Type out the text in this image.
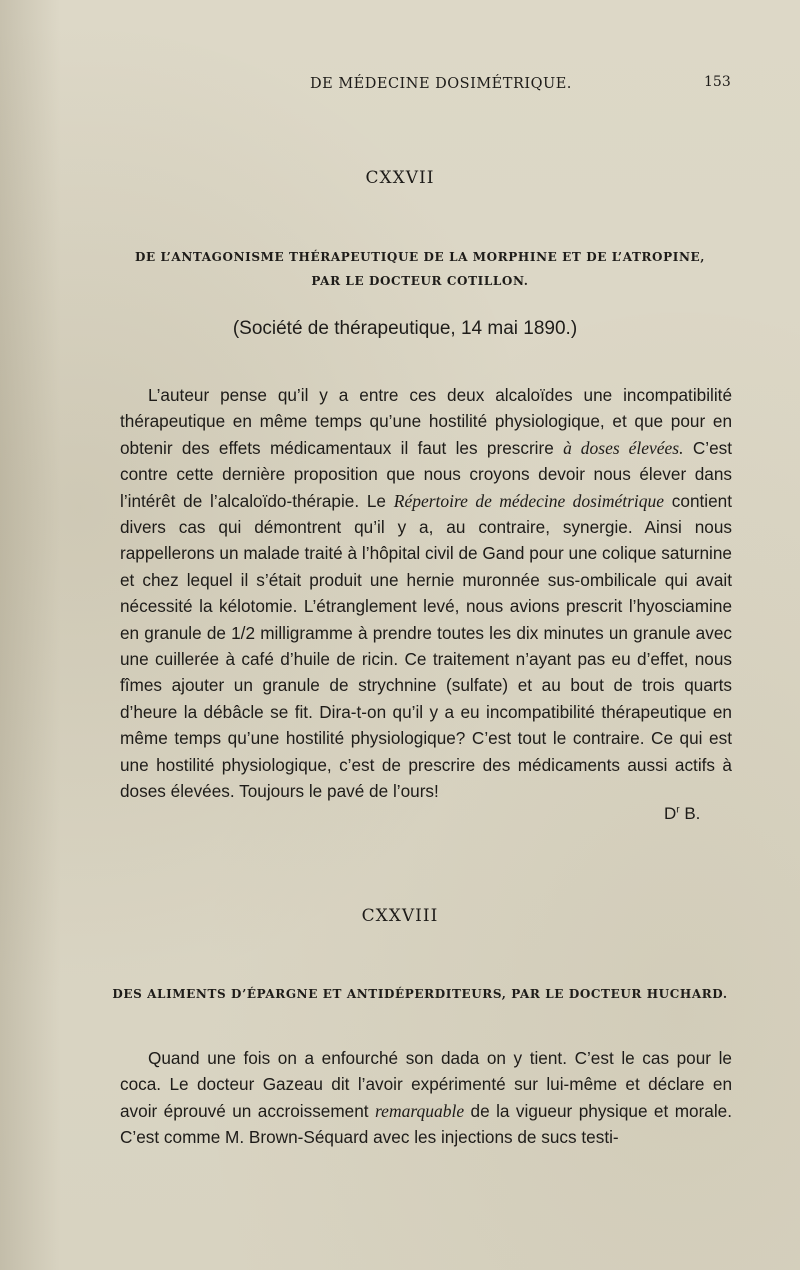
DE MÉDECINE DOSIMÉTRIQUE.	153
CXXVII
DE L’ANTAGONISME THÉRAPEUTIQUE DE LA MORPHINE ET DE L’ATROPINE,
PAR LE DOCTEUR COTILLON.
(Société de thérapeutique, 14 mai 1890.)

L’auteur pense qu’il y a entre ces deux alcaloïdes une incompatibilité thérapeutique en même temps qu’une hostilité physiologique, et que pour en obtenir des effets médicamentaux il faut les prescrire à doses élevées. C’est contre cette dernière proposition que nous croyons devoir nous élever dans l’intérêt de l’alcaloïdo-thérapie. Le Répertoire de médecine dosimétrique contient divers cas qui démontrent qu’il y a, au contraire, synergie. Ainsi nous rappellerons un malade traité à l’hôpital civil de Gand pour une colique saturnine et chez lequel il s’était produit une hernie muronnée sus-ombilicale qui avait nécessité la kélotomie. L’étranglement levé, nous avions prescrit l’hyosciamine en granule de 1/2 milligramme à prendre toutes les dix minutes un granule avec une cuillerée à café d’huile de ricin. Ce traitement n’ayant pas eu d’effet, nous fîmes ajouter un granule de strychnine (sulfate) et au bout de trois quarts d’heure la débâcle se fit. Dira-t-on qu’il y a eu incompatibilité thérapeutique en même temps qu’une hostilité physiologique? C’est tout le contraire. Ce qui est une hostilité physiologique, c’est de prescrire des médicaments aussi actifs à doses élevées. Toujours le pavé de l’ours!

$D^r$ B.
CXXVIII
DES ALIMENTS D’ÉPARGNE ET ANTIDÉPERDITEURS, PAR LE DOCTEUR HUCHARD.

Quand une fois on a enfourché son dada on y tient. C’est le cas pour le coca. Le docteur Gazeau dit l’avoir expérimenté sur lui-même et déclare en avoir éprouvé un accroissement remarquable de la vigueur physique et morale. C’est comme M. Brown-Séquard avec les injections de sucs testi-
